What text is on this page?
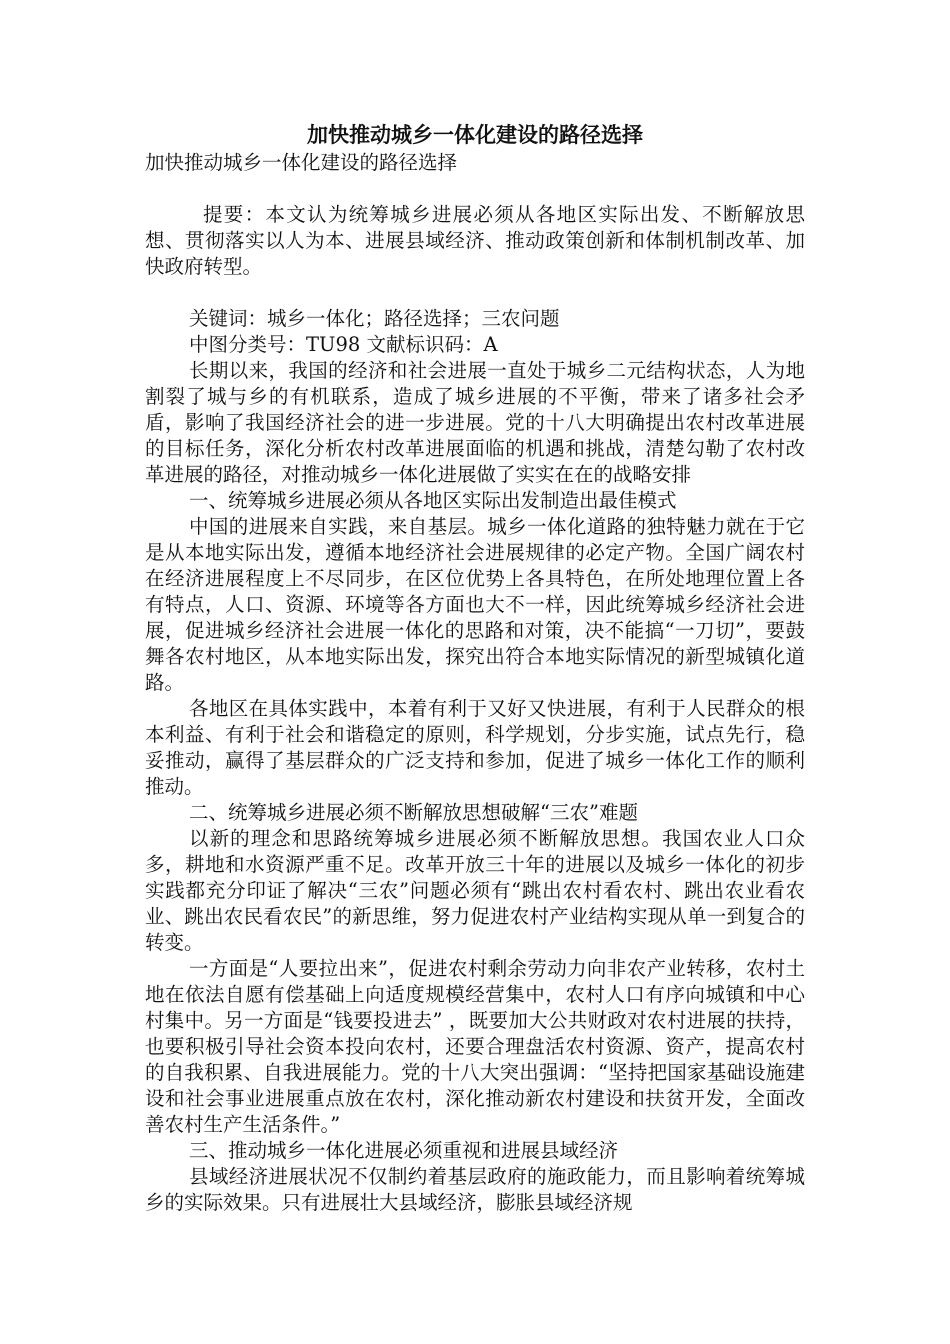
加快推动城乡一体化建设的路径选择

加快推动城乡一体化建设的路径选择

提要：本文认为统筹城乡进展必须从各地区实际出发、不断解放思想、贯彻落实以人为本、进展县域经济、推动政策创新和体制机制改革、加快政府转型。

关键词：城乡一体化；路径选择；三农问题

中图分类号：TU98 文献标识码：A

长期以来，我国的经济和社会进展一直处于城乡二元结构状态，人为地割裂了城与乡的有机联系，造成了城乡进展的不平衡，带来了诸多社会矛盾，影响了我国经济社会的进一步进展。党的十八大明确提出农村改革进展的目标任务，深化分析农村改革进展面临的机遇和挑战，清楚勾勒了农村改革进展的路径，对推动城乡一体化进展做了实实在在的战略安排

一、统筹城乡进展必须从各地区实际出发制造出最佳模式

中国的进展来自实践，来自基层。城乡一体化道路的独特魅力就在于它是从本地实际出发，遵循本地经济社会进展规律的必定产物。全国广阔农村在经济进展程度上不尽同步，在区位优势上各具特色，在所处地理位置上各有特点，人口、资源、环境等各方面也大不一样，因此统筹城乡经济社会进展，促进城乡经济社会进展一体化的思路和对策，决不能搞“一刀切”，要鼓舞各农村地区，从本地实际出发，探究出符合本地实际情况的新型城镇化道路。

各地区在具体实践中，本着有利于又好又快进展，有利于人民群众的根本利益、有利于社会和谐稳定的原则，科学规划，分步实施，试点先行，稳妥推动，赢得了基层群众的广泛支持和参加，促进了城乡一体化工作的顺利推动。

二、统筹城乡进展必须不断解放思想破解“三农”难题

以新的理念和思路统筹城乡进展必须不断解放思想。我国农业人口众多，耕地和水资源严重不足。改革开放三十年的进展以及城乡一体化的初步实践都充分印证了解决“三农”问题必须有“跳出农村看农村、跳出农业看农业、跳出农民看农民”的新思维，努力促进农村产业结构实现从单一到复合的转变。

一方面是“人要拉出来”，促进农村剩余劳动力向非农产业转移，农村土地在依法自愿有偿基础上向适度规模经营集中，农村人口有序向城镇和中心村集中。另一方面是“钱要投进去” ，既要加大公共财政对农村进展的扶持，也要积极引导社会资本投向农村，还要合理盘活农村资源、资产，提高农村的自我积累、自我进展能力。党的十八大突出强调：“坚持把国家基础设施建设和社会事业进展重点放在农村，深化推动新农村建设和扶贫开发，全面改善农村生产生活条件。”

三、推动城乡一体化进展必须重视和进展县域经济

县域经济进展状况不仅制约着基层政府的施政能力，而且影响着统筹城乡的实际效果。只有进展壮大县域经济，膨胀县域经济规
